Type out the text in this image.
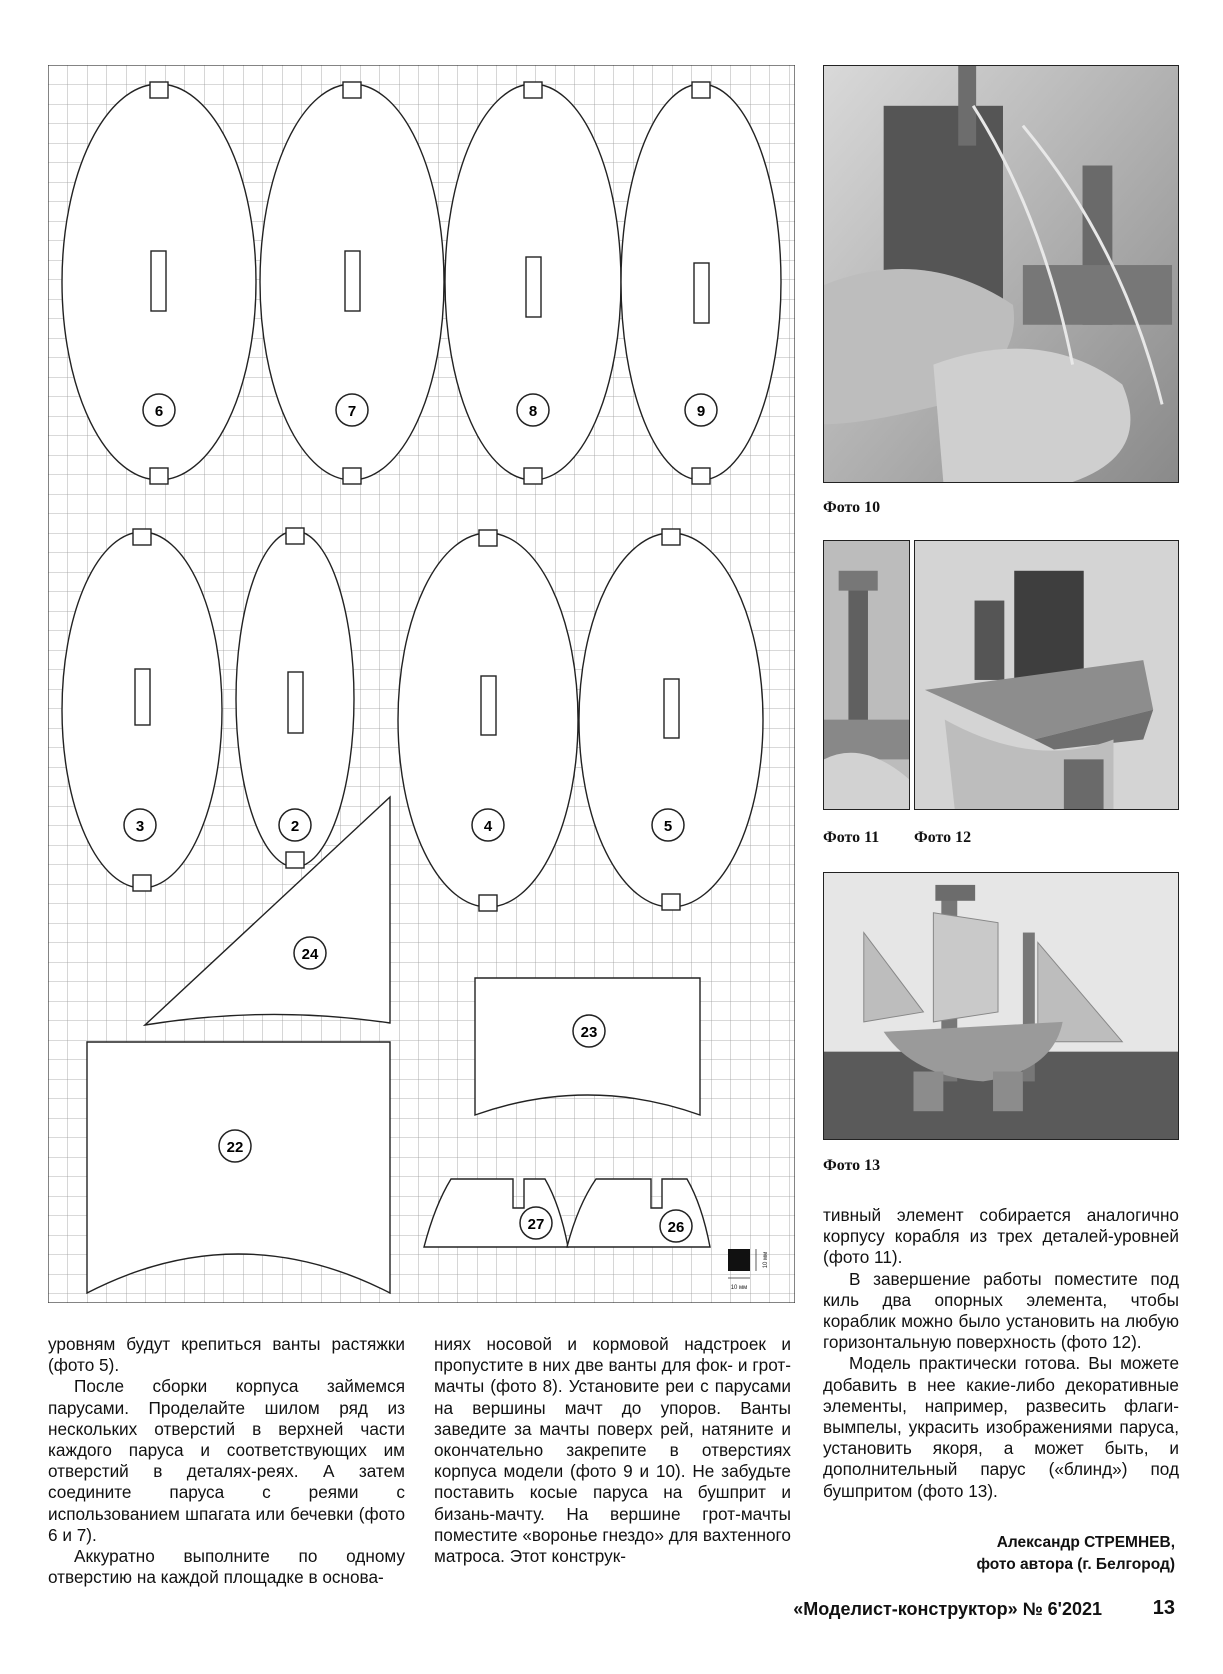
6	7	8	9
3	2	4	5
24
23
22
27	26
10 мм
10 мм
Фото 10
Фото 11 Фото 12
Фото 13

уровням будут крепиться ванты растяжки (фото 5).

После сборки корпуса займемся парусами. Проделайте шилом ряд из нескольких отверстий в верхней части каждого паруса и соответствующих им отверстий в деталях-реях. А затем соедините паруса с реями с использованием шпагата или бечевки (фото 6 и 7).

Аккуратно выполните по одному отверстию на каждой площадке в основа-

ниях носовой и кормовой надстроек и пропустите в них две ванты для фок- и грот-мачты (фото 8). Установите реи с парусами на вершины мачт до упоров. Ванты заведите за мачты поверх рей, натяните и окончательно закрепите в отверстиях корпуса модели (фото 9 и 10). Не забудьте поставить косые паруса на бушприт и бизань-мачту. На вершине грот-мачты поместите «воронье гнездо» для вахтенного матроса. Этот конструк-

тивный элемент собирается аналогично корпусу корабля из трех деталей-уровней (фото 11).

В завершение работы поместите под киль два опорных элемента, чтобы кораблик можно было установить на любую горизонтальную поверхность (фото 12).

Модель практически готова. Вы можете добавить в нее какие-либо декоративные элементы, например, развесить флаги-вымпелы, украсить изображениями паруса, установить якоря, а может быть, и дополнительный парус («блинд») под бушпритом (фото 13).

Александр СТРЕМНЕВ,
фото автора (г. Белгород)
«Моделист-конструктор» № 6'2021	13
